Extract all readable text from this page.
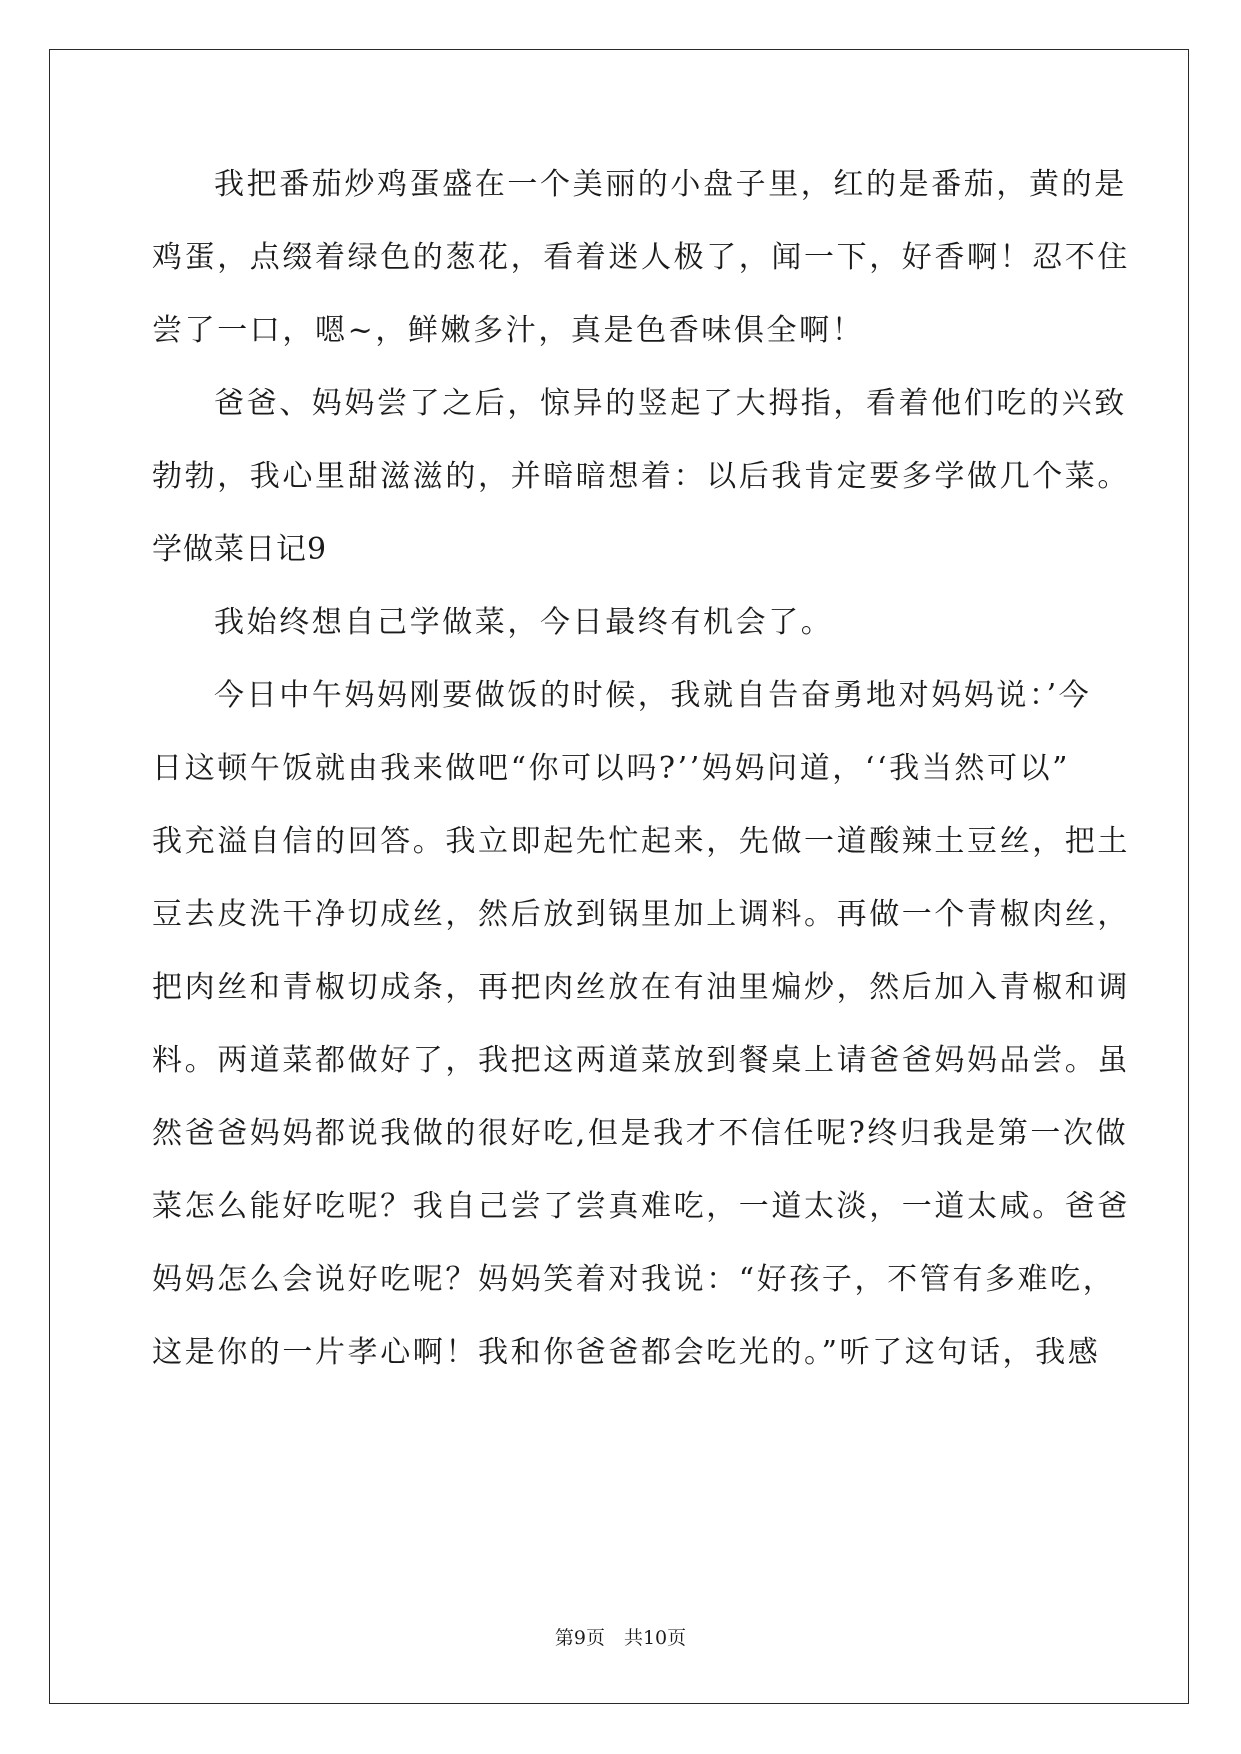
我把番茄炒鸡蛋盛在一个美丽的小盘子里，红的是番茄，黄的是
鸡蛋，点缀着绿色的葱花，看着迷人极了，闻一下，好香啊！忍不住
尝了一口，嗯~，鲜嫩多汁，真是色香味俱全啊！
爸爸、妈妈尝了之后，惊异的竖起了大拇指，看着他们吃的兴致
勃勃，我心里甜滋滋的，并暗暗想着：以后我肯定要多学做几个菜。
学做菜日记9
我始终想自己学做菜，今日最终有机会了。
今日中午妈妈刚要做饭的时候，我就自告奋勇地对妈妈说：’今
日这顿午饭就由我来做吧“你可以吗?’’妈妈问道，‘‘我当然可以”
我充溢自信的回答。我立即起先忙起来，先做一道酸辣土豆丝，把土
豆去皮洗干净切成丝，然后放到锅里加上调料。再做一个青椒肉丝，
把肉丝和青椒切成条，再把肉丝放在有油里煸炒，然后加入青椒和调
料。两道菜都做好了，我把这两道菜放到餐桌上请爸爸妈妈品尝。虽
然爸爸妈妈都说我做的很好吃,但是我才不信任呢?终归我是第一次做
菜怎么能好吃呢？我自己尝了尝真难吃，一道太淡，一道太咸。爸爸
妈妈怎么会说好吃呢？妈妈笑着对我说：“好孩子，不管有多难吃，
这是你的一片孝心啊！我和你爸爸都会吃光的。”听了这句话，我感
第9页　共10页
